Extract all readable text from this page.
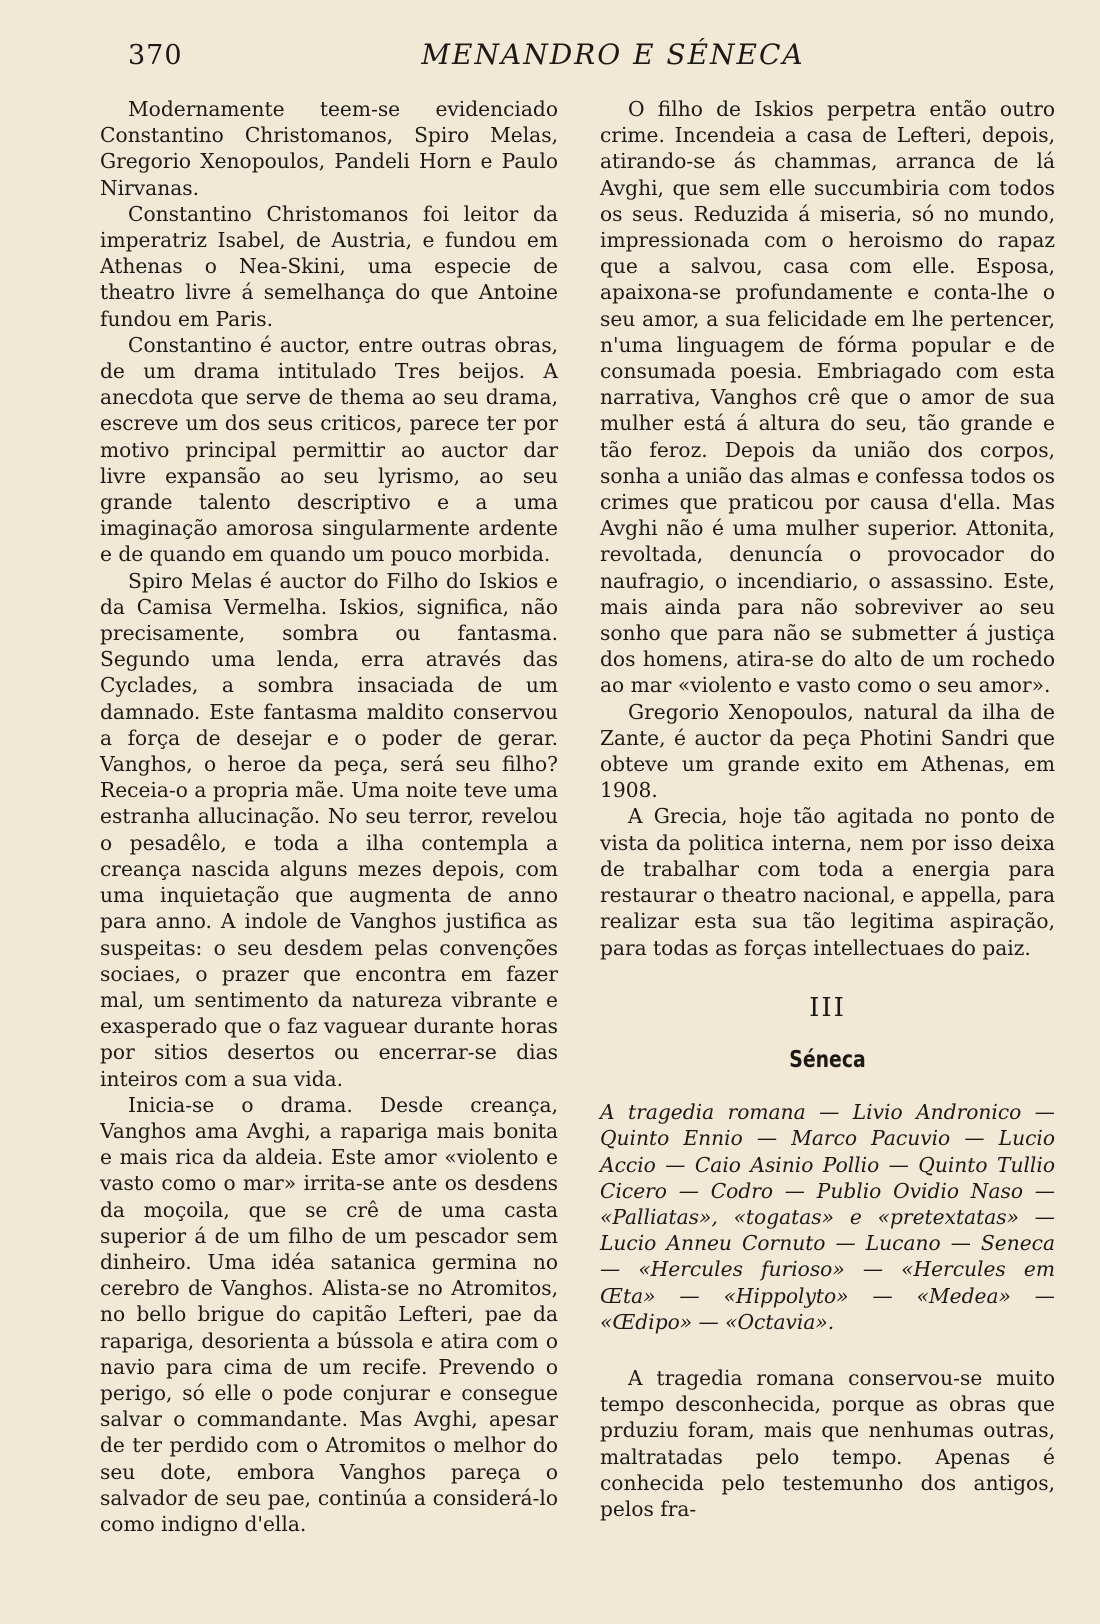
370	MENANDRO E SÉNECA

Modernamente teem-se evidenciado Constantino Christomanos, Spiro Melas, Gregorio Xenopoulos, Pandeli Horn e Paulo Nirvanas.

Constantino Christomanos foi leitor da imperatriz Isabel, de Austria, e fundou em Athenas o Nea-Skini, uma especie de theatro livre á semelhança do que Antoine fundou em Paris.

Constantino é auctor, entre outras obras, de um drama intitulado Tres beijos. A anecdota que serve de thema ao seu drama, escreve um dos seus criticos, parece ter por motivo principal permittir ao auctor dar livre expansão ao seu lyrismo, ao seu grande talento descriptivo e a uma imaginação amorosa singularmente ardente e de quando em quando um pouco morbida.

Spiro Melas é auctor do Filho do Iskios e da Camisa Vermelha. Iskios, significa, não precisamente, sombra ou fantasma. Segundo uma lenda, erra através das Cyclades, a sombra insaciada de um damnado. Este fantasma maldito conservou a força de desejar e o poder de gerar. Vanghos, o heroe da peça, será seu filho? Receia-o a propria mãe. Uma noite teve uma estranha allucinação. No seu terror, revelou o pesadêlo, e toda a ilha contempla a creança nascida alguns mezes depois, com uma inquietação que augmenta de anno para anno. A indole de Vanghos justifica as suspeitas: o seu desdem pelas convenções sociaes, o prazer que encontra em fazer mal, um sentimento da natureza vibrante e exasperado que o faz vaguear durante horas por sitios desertos ou encerrar-se dias inteiros com a sua vida.

Inicia-se o drama. Desde creança, Vanghos ama Avghi, a rapariga mais bonita e mais rica da aldeia. Este amor «violento e vasto como o mar» irrita-se ante os desdens da moçoila, que se crê de uma casta superior á de um filho de um pescador sem dinheiro. Uma idéa satanica germina no cerebro de Vanghos. Alista-se no Atromitos, no bello brigue do capitão Lefteri, pae da rapariga, desorienta a bússola e atira com o navio para cima de um recife. Prevendo o perigo, só elle o pode conjurar e consegue salvar o commandante. Mas Avghi, apesar de ter perdido com o Atromitos o melhor do seu dote, embora Vanghos pareça o salvador de seu pae, continúa a considerá-lo como indigno d'ella.

O filho de Iskios perpetra então outro crime. Incendeia a casa de Lefteri, depois, atirando-se ás chammas, arranca de lá Avghi, que sem elle succumbiria com todos os seus. Reduzida á miseria, só no mundo, impressionada com o heroismo do rapaz que a salvou, casa com elle. Esposa, apaixona-se profundamente e conta-lhe o seu amor, a sua felicidade em lhe pertencer, n'uma linguagem de fórma popular e de consumada poesia. Embriagado com esta narrativa, Vanghos crê que o amor de sua mulher está á altura do seu, tão grande e tão feroz. Depois da união dos corpos, sonha a união das almas e confessa todos os crimes que praticou por causa d'ella. Mas Avghi não é uma mulher superior. Attonita, revoltada, denuncía o provocador do naufragio, o incendiario, o assassino. Este, mais ainda para não sobreviver ao seu sonho que para não se submetter á justiça dos homens, atira-se do alto de um rochedo ao mar «violento e vasto como o seu amor».

Gregorio Xenopoulos, natural da ilha de Zante, é auctor da peça Photini Sandri que obteve um grande exito em Athenas, em 1908.

A Grecia, hoje tão agitada no ponto de vista da politica interna, nem por isso deixa de trabalhar com toda a energia para restaurar o theatro nacional, e appella, para realizar esta sua tão legitima aspiração, para todas as forças intellectuaes do paiz.

III
Séneca

A tragedia romana — Livio Andronico — Quinto Ennio — Marco Pacuvio — Lucio Accio — Caio Asinio Pollio — Quinto Tullio Cicero — Codro — Publio Ovidio Naso — «Palliatas», «togatas» e «pretextatas» — Lucio Anneu Cornuto — Lucano — Seneca — «Hercules furioso» — «Hercules em Œta» — «Hippolyto» — «Medea» — «Œdipo» — «Octavia».

A tragedia romana conservou-se muito tempo desconhecida, porque as obras que prduziu foram, mais que nenhumas outras, maltratadas pelo tempo. Apenas é conhecida pelo testemunho dos antigos, pelos fra-
